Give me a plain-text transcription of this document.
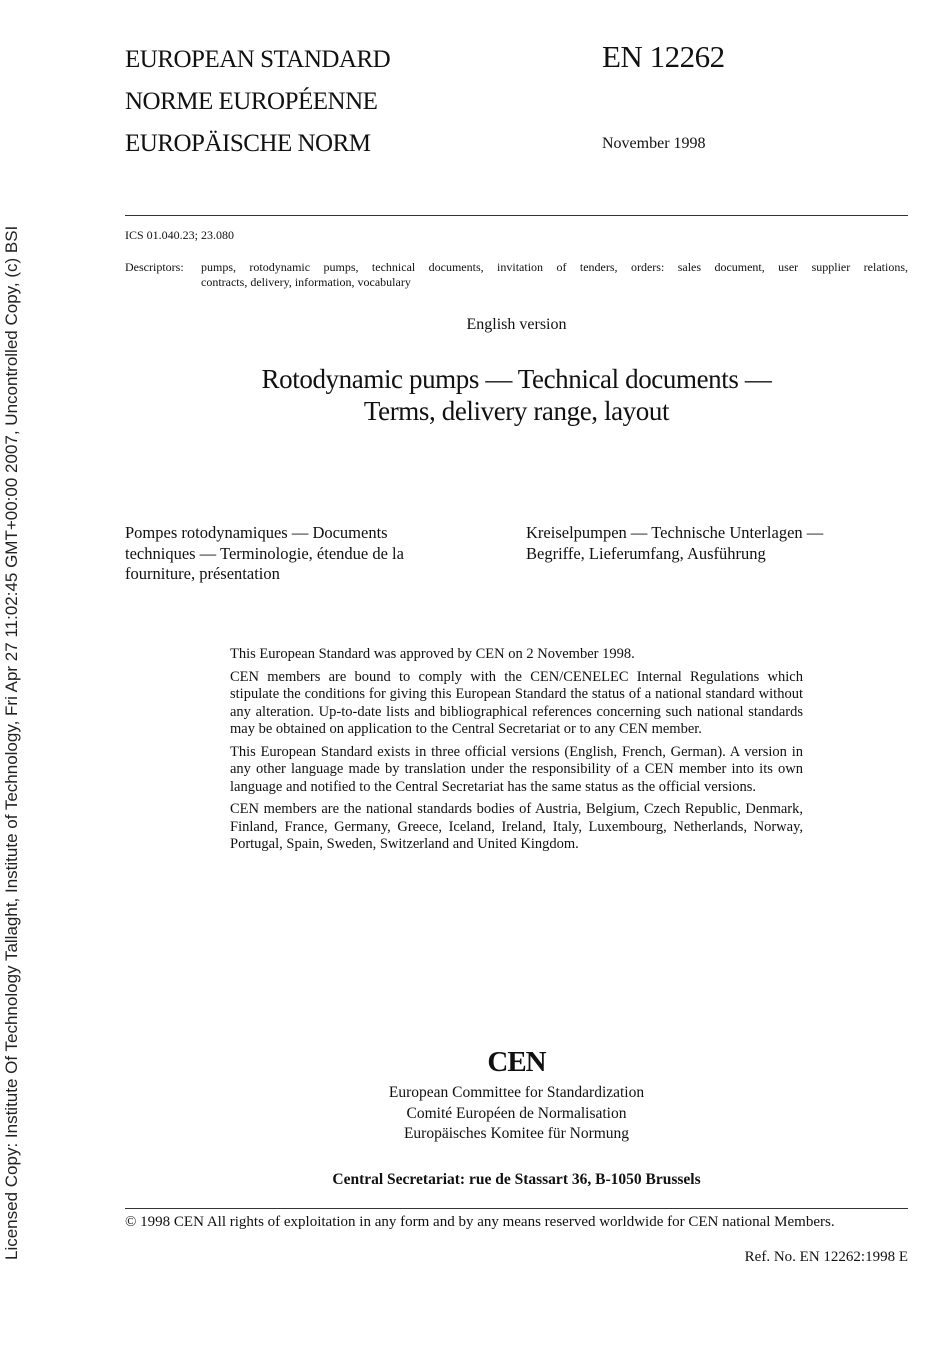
Licensed Copy: Institute Of Technology Tallaght, Institute of Technology, Fri Apr 27 11:02:45 GMT+00:00 2007, Uncontrolled Copy, (c) BSI
EUROPEAN STANDARD
NORME EUROPÉENNE
EUROPÄISCHE NORM
EN 12262
November 1998
ICS 01.040.23; 23.080
Descriptors: pumps, rotodynamic pumps, technical documents, invitation of tenders, orders: sales document, user supplier relations,
contracts, delivery, information, vocabulary
English version
Rotodynamic pumps — Technical documents —
Terms, delivery range, layout
Pompes rotodynamiques — Documents
techniques — Terminologie, étendue de la
fourniture, présentation
Kreiselpumpen — Technische Unterlagen —
Begriffe, Lieferumfang, Ausführung

This European Standard was approved by CEN on 2 November 1998.

CEN members are bound to comply with the CEN/CENELEC Internal Regulations which stipulate the conditions for giving this European Standard the status of a national standard without any alteration. Up-to-date lists and bibliographical references concerning such national standards may be obtained on application to the Central Secretariat or to any CEN member.

This European Standard exists in three official versions (English, French, German). A version in any other language made by translation under the responsibility of a CEN member into its own language and notified to the Central Secretariat has the same status as the official versions.

CEN members are the national standards bodies of Austria, Belgium, Czech Republic, Denmark, Finland, France, Germany, Greece, Iceland, Ireland, Italy, Luxembourg, Netherlands, Norway, Portugal, Spain, Sweden, Switzerland and United Kingdom.

CEN
European Committee for Standardization
Comité Européen de Normalisation
Europäisches Komitee für Normung
Central Secretariat: rue de Stassart 36, B-1050 Brussels
© 1998 CEN All rights of exploitation in any form and by any means reserved worldwide for CEN national Members.
Ref. No. EN 12262:1998 E
